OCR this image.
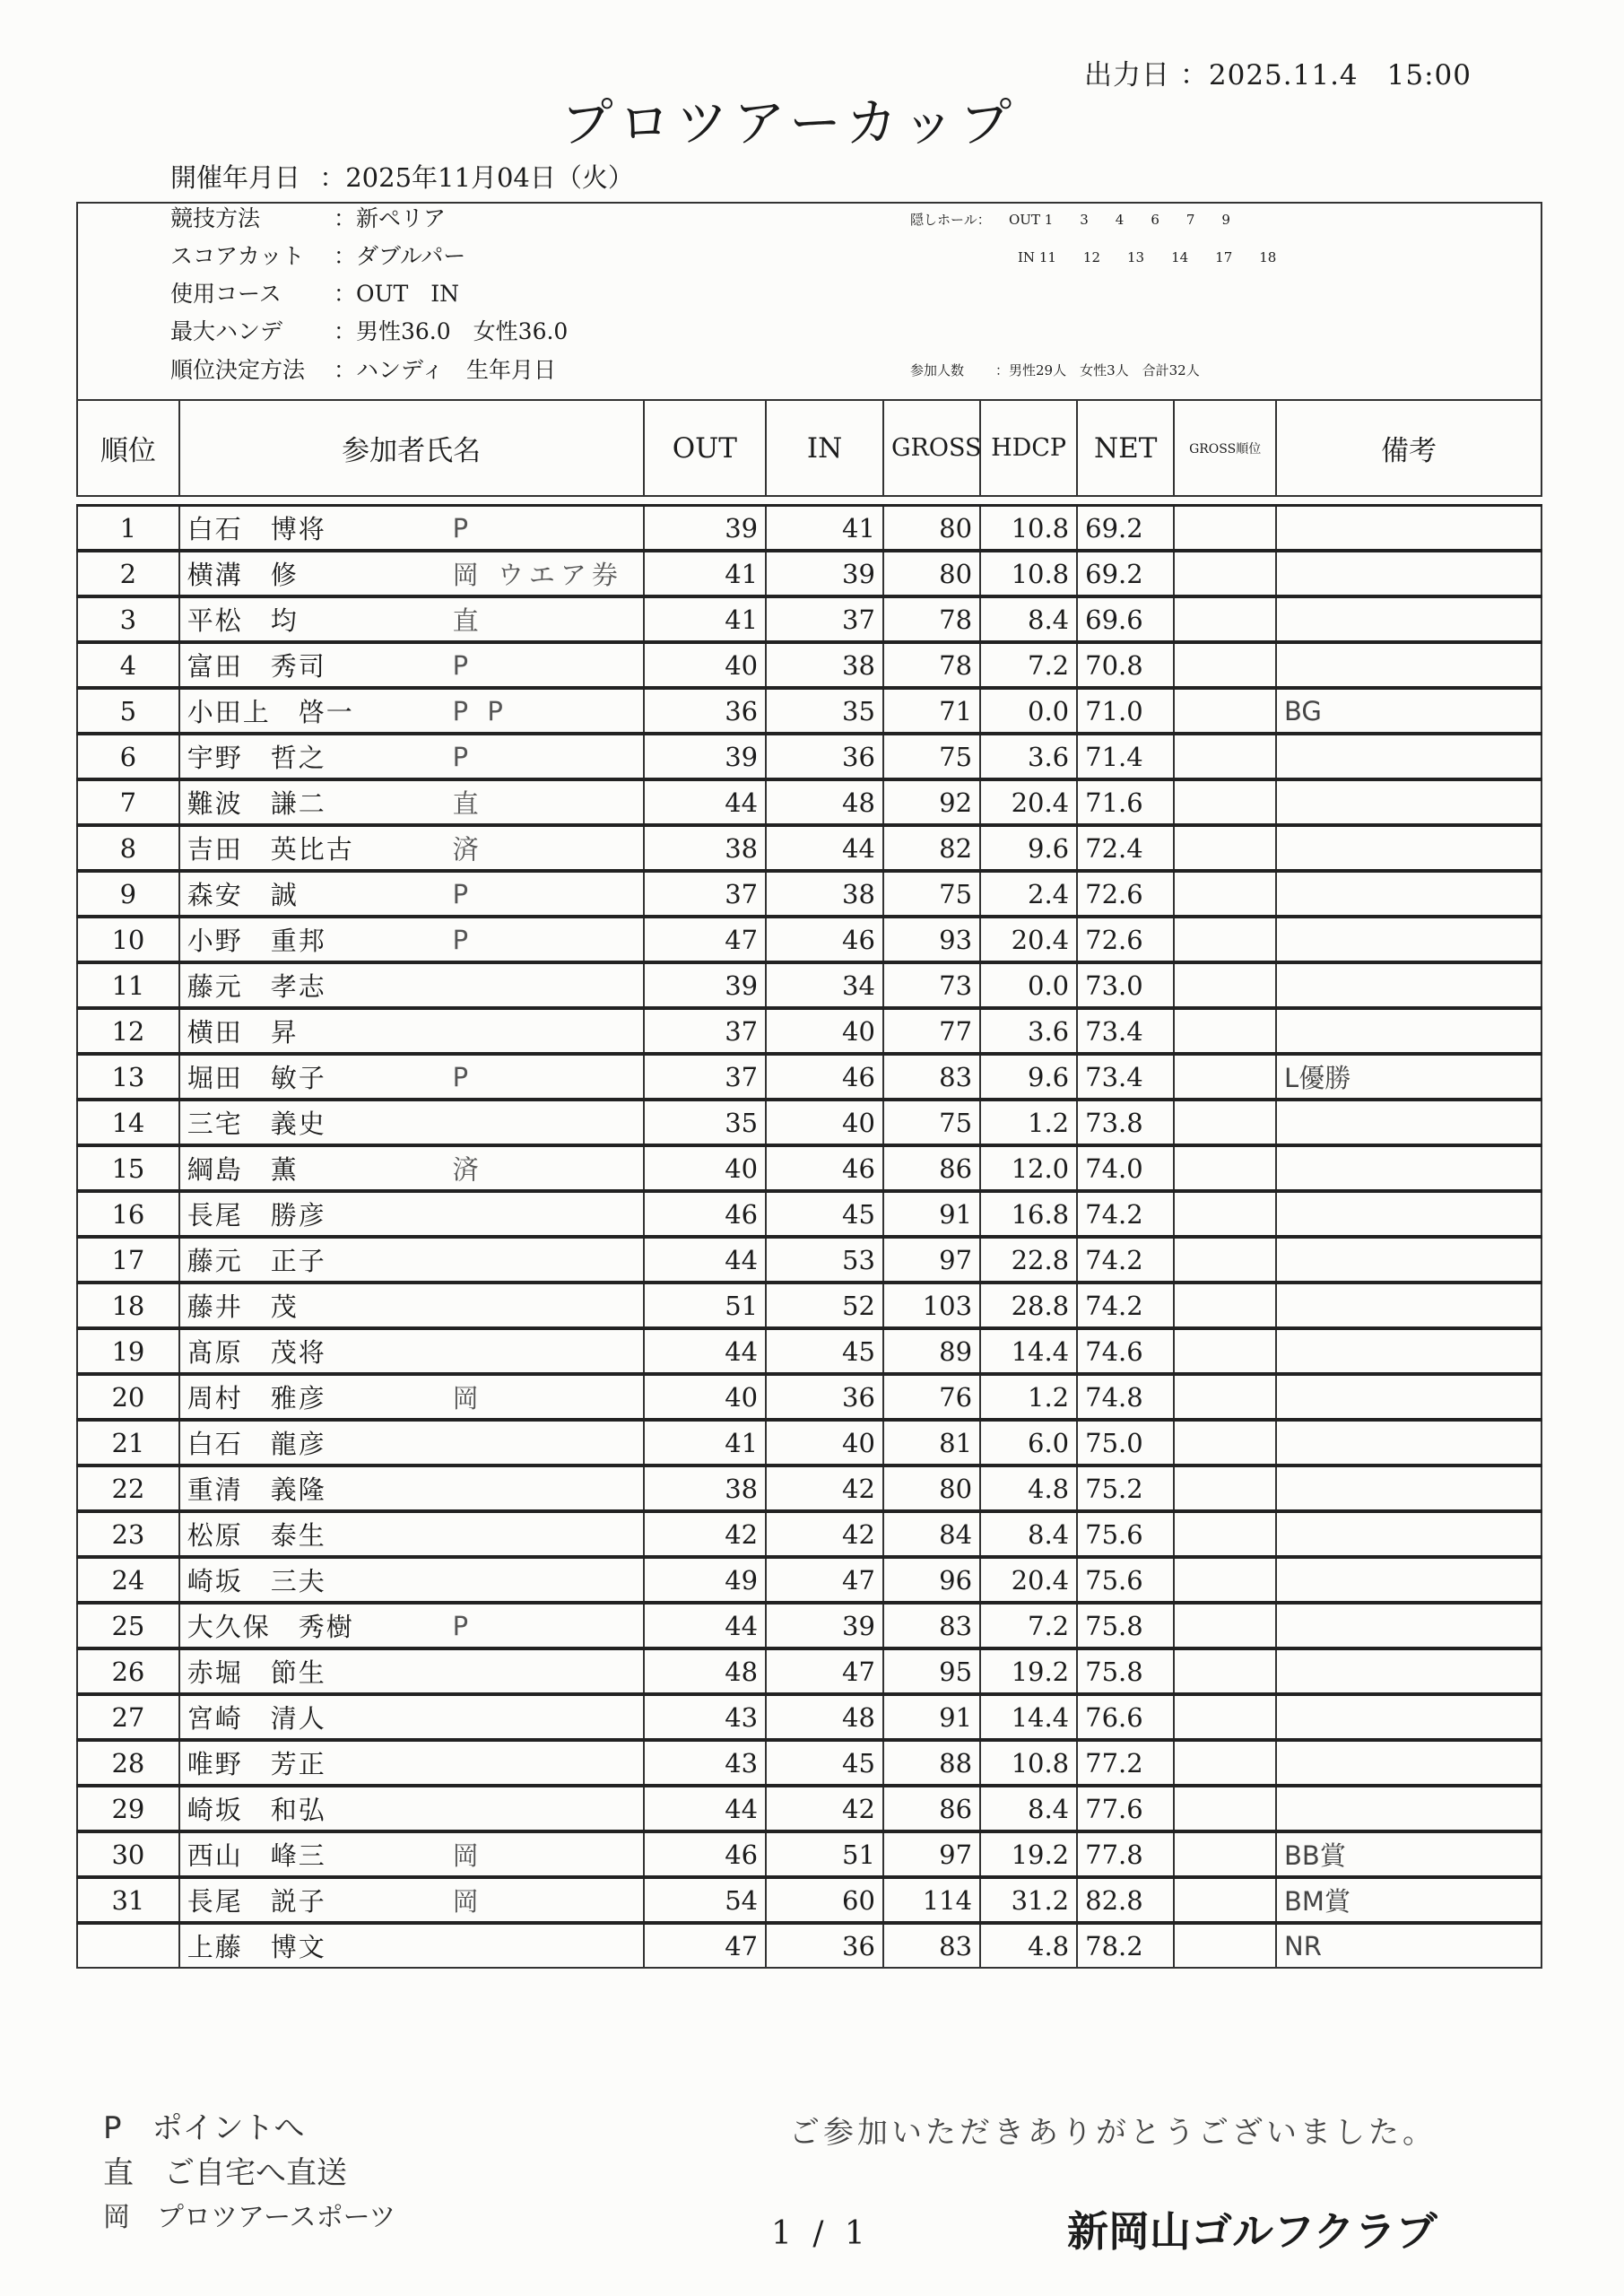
出力日 ：2025.11.4　15:00
プロツアーカップ
開催年月日 ：2025年11月04日（火）
競技方法	：新ペリア
スコアカット ：ダブルパー
使用コース ：OUT　IN
最大ハンデ ：男性36.0　女性36.0
順位決定方法 ：ハンディ　生年月日
隠しホール： OUT 1　　3　　4　　6　　7　　9
IN 11　　12　　13　　14　　17　　18
参加人数 ：男性29人　女性3人　合計32人
順位	参加者氏名		OUT	IN	GROSS	HDCP	NET	GROSS順位	備考

1	白石　博将	P	39	41	80	10.8	69.2		
2	横溝　修	岡 ウエア券	41	39	80	10.8	69.2		
3	平松　均	直	41	37	78	8.4	69.6		
4	富田　秀司	P	40	38	78	7.2	70.8		
5	小田上　啓一	P P	36	35	71	0.0	71.0		BG
6	宇野　哲之	P	39	36	75	3.6	71.4		
7	難波　謙二	直	44	48	92	20.4	71.6		
8	吉田　英比古	済	38	44	82	9.6	72.4		
9	森安　誠	P	37	38	75	2.4	72.6		
10	小野　重邦	P	47	46	93	20.4	72.6		
11	藤元　孝志		39	34	73	0.0	73.0		
12	横田　昇		37	40	77	3.6	73.4		
13	堀田　敏子	P	37	46	83	9.6	73.4		L優勝
14	三宅　義史		35	40	75	1.2	73.8		
15	綱島　薫	済	40	46	86	12.0	74.0		
16	長尾　勝彦		46	45	91	16.8	74.2		
17	藤元　正子		44	53	97	22.8	74.2		
18	藤井　茂		51	52	103	28.8	74.2		
19	髙原　茂将		44	45	89	14.4	74.6		
20	周村　雅彦	岡	40	36	76	1.2	74.8		
21	白石　龍彦		41	40	81	6.0	75.0		
22	重清　義隆		38	42	80	4.8	75.2		
23	松原　泰生		42	42	84	8.4	75.6		
24	崎坂　三夫		49	47	96	20.4	75.6		
25	大久保　秀樹	P	44	39	83	7.2	75.8		
26	赤堀　節生		48	47	95	19.2	75.8		
27	宮崎　清人		43	48	91	14.4	76.6		
28	唯野　芳正		43	45	88	10.8	77.2		
29	崎坂　和弘		44	42	86	8.4	77.6		
30	西山　峰三	岡	46	51	97	19.2	77.8		BB賞
31	長尾　説子	岡	54	60	114	31.2	82.8		BM賞
	上藤　博文		47	36	83	4.8	78.2		NR
P　ポイントへ
直　ご自宅へ直送
岡　プロツアースポーツ
ご参加いただきありがとうございました。
1 / 1	新岡山ゴルフクラブ
